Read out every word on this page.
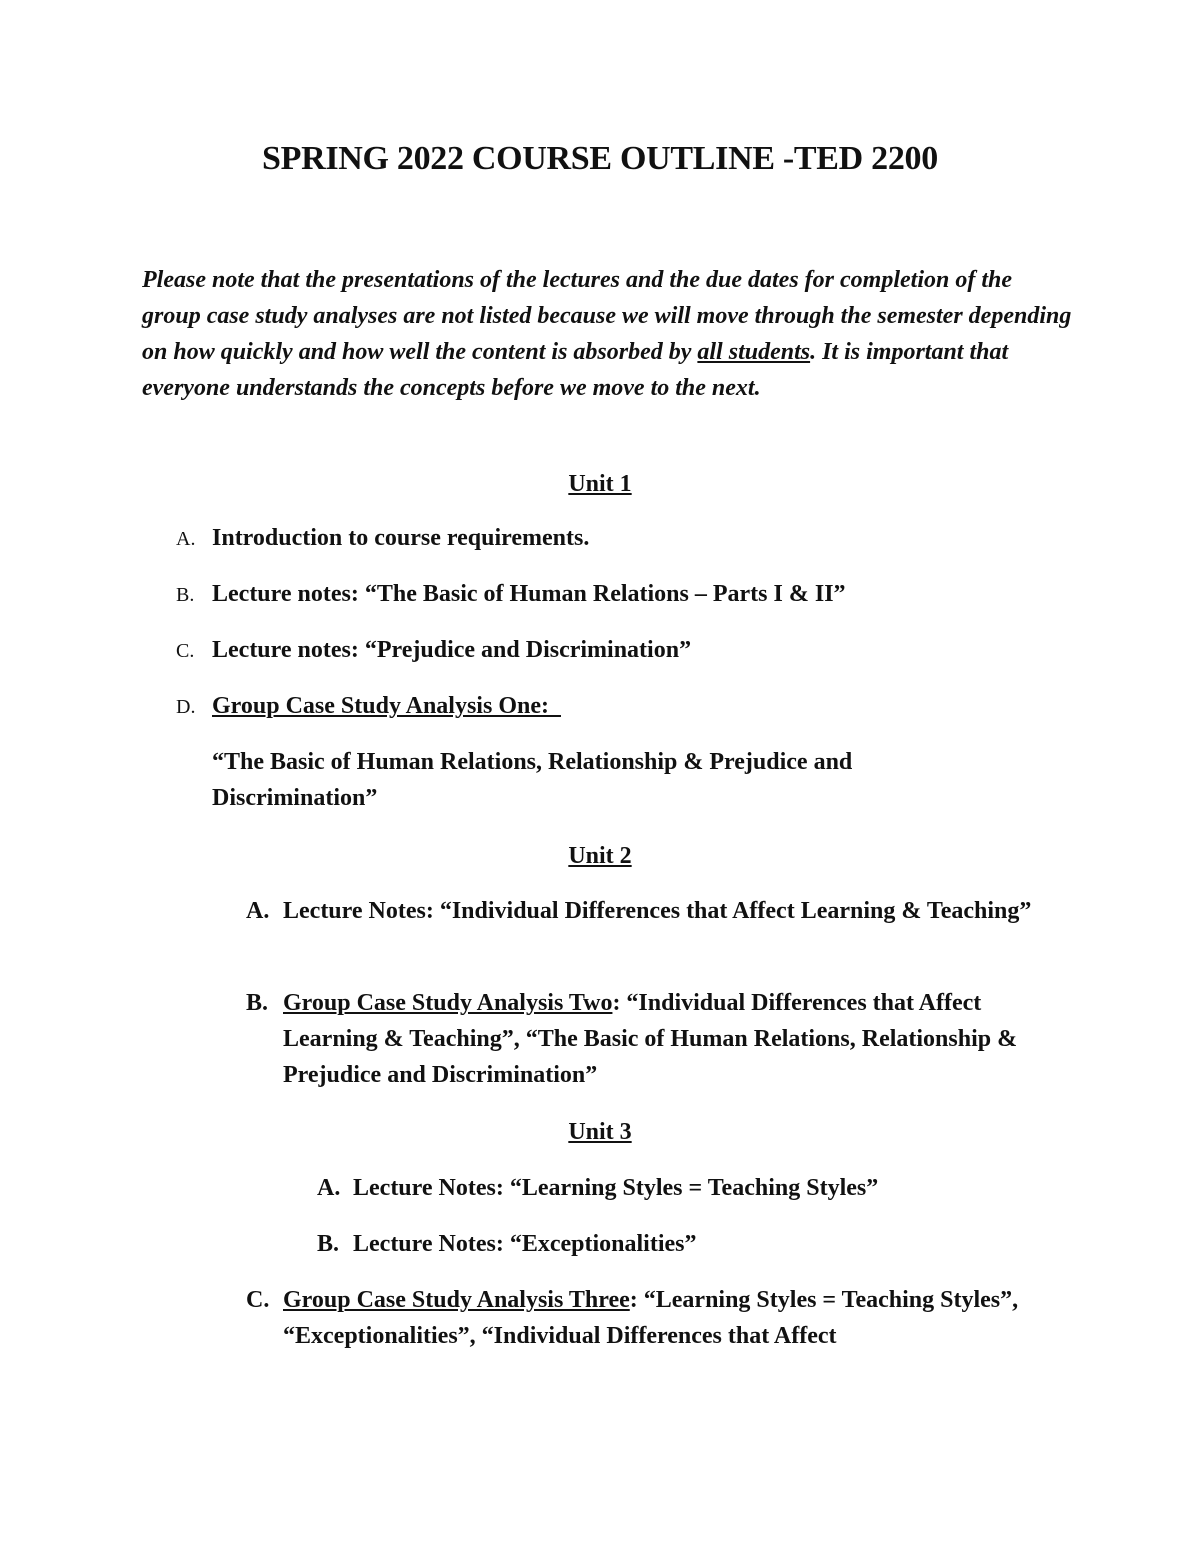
SPRING 2022 COURSE OUTLINE -TED 2200
Please note that the presentations of the lectures and the due dates for completion of the group case study analyses are not listed because we will move through the semester depending on how quickly and how well the content is absorbed by all students. It is important that everyone understands the concepts before we move to the next.
Unit 1
A. Introduction to course requirements.
B. Lecture notes: “The Basic of Human Relations – Parts I & II”
C. Lecture notes: “Prejudice and Discrimination”
D. Group Case Study Analysis One:
“The Basic of Human Relations, Relationship & Prejudice and Discrimination”
Unit 2
A. Lecture Notes: “Individual Differences that Affect Learning & Teaching”
B. Group Case Study Analysis Two: “Individual Differences that Affect Learning & Teaching”, “The Basic of Human Relations, Relationship & Prejudice and Discrimination”
Unit 3
A. Lecture Notes: “Learning Styles = Teaching Styles”
B. Lecture Notes: “Exceptionalities”
C. Group Case Study Analysis Three: “Learning Styles = Teaching Styles”, “Exceptionalities”, “Individual Differences that Affect
